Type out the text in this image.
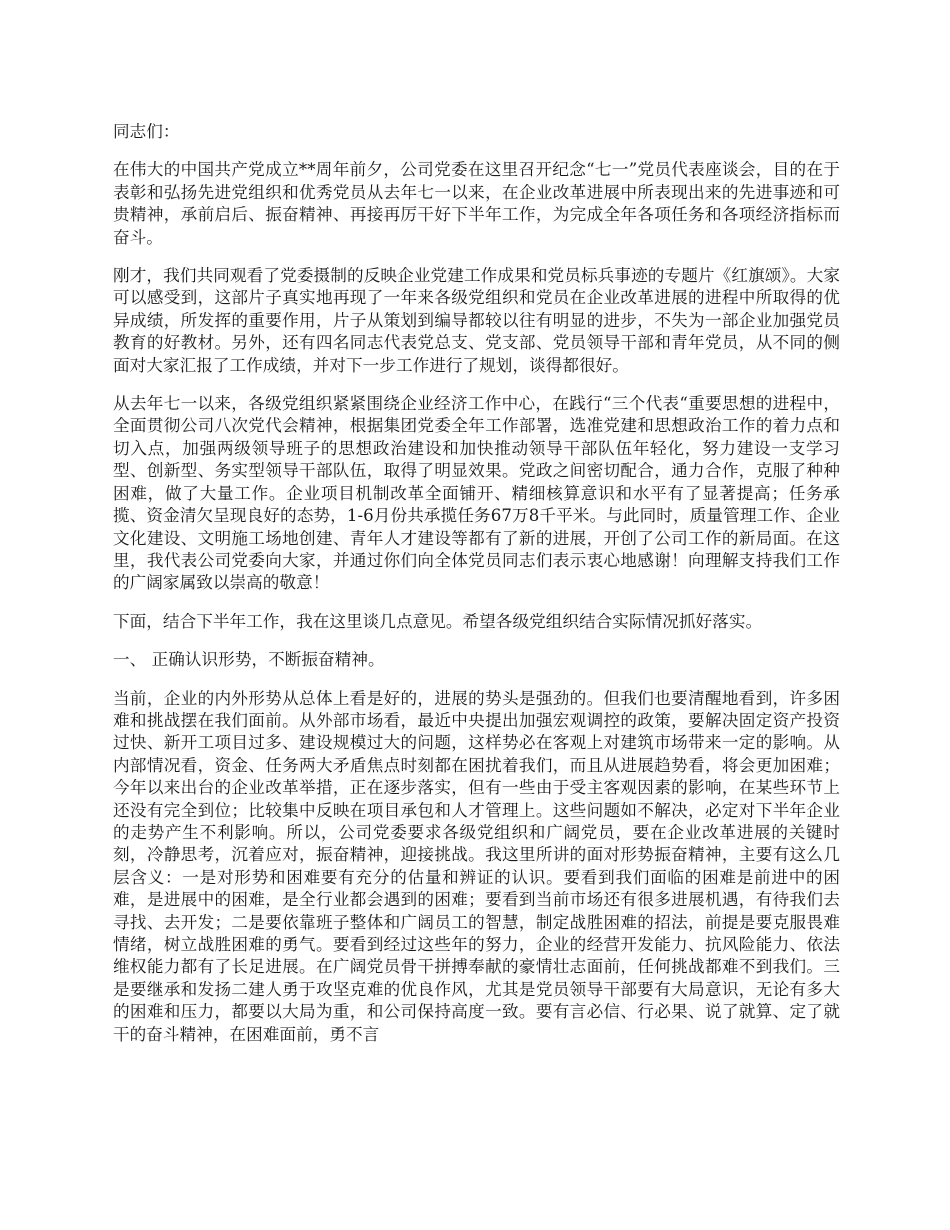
同志们：

在伟大的中国共产党成立**周年前夕，公司党委在这里召开纪念“七一”党员代表座谈会，目的在于表彰和弘扬先进党组织和优秀党员从去年七一以来，在企业改革进展中所表现出来的先进事迹和可贵精神，承前启后、振奋精神、再接再厉干好下半年工作，为完成全年各项任务和各项经济指标而奋斗。

刚才，我们共同观看了党委摄制的反映企业党建工作成果和党员标兵事迹的专题片《红旗颂》。大家可以感受到，这部片子真实地再现了一年来各级党组织和党员在企业改革进展的进程中所取得的优异成绩，所发挥的重要作用，片子从策划到编导都较以往有明显的进步，不失为一部企业加强党员教育的好教材。另外，还有四名同志代表党总支、党支部、党员领导干部和青年党员，从不同的侧面对大家汇报了工作成绩，并对下一步工作进行了规划，谈得都很好。

从去年七一以来，各级党组织紧紧围绕企业经济工作中心，在践行“三个代表“重要思想的进程中，全面贯彻公司八次党代会精神，根据集团党委全年工作部署，选准党建和思想政治工作的着力点和切入点，加强两级领导班子的思想政治建设和加快推动领导干部队伍年轻化，努力建设一支学习型、创新型、务实型领导干部队伍，取得了明显效果。党政之间密切配合，通力合作，克服了种种困难，做了大量工作。企业项目机制改革全面铺开、精细核算意识和水平有了显著提高；任务承揽、资金清欠呈现良好的态势，1-6月份共承揽任务67万8千平米。与此同时，质量管理工作、企业文化建设、文明施工场地创建、青年人才建设等都有了新的进展，开创了公司工作的新局面。在这里，我代表公司党委向大家，并通过你们向全体党员同志们表示衷心地感谢！向理解支持我们工作的广阔家属致以崇高的敬意！

下面，结合下半年工作，我在这里谈几点意见。希望各级党组织结合实际情况抓好落实。

一、 正确认识形势，不断振奋精神。

当前，企业的内外形势从总体上看是好的，进展的势头是强劲的。但我们也要清醒地看到，许多困难和挑战摆在我们面前。从外部市场看，最近中央提出加强宏观调控的政策，要解决固定资产投资过快、新开工项目过多、建设规模过大的问题，这样势必在客观上对建筑市场带来一定的影响。从内部情况看，资金、任务两大矛盾焦点时刻都在困扰着我们，而且从进展趋势看，将会更加困难；今年以来出台的企业改革举措，正在逐步落实，但有一些由于受主客观因素的影响，在某些环节上还没有完全到位；比较集中反映在项目承包和人才管理上。这些问题如不解决，必定对下半年企业的走势产生不利影响。所以，公司党委要求各级党组织和广阔党员，要在企业改革进展的关键时刻，冷静思考，沉着应对，振奋精神，迎接挑战。我这里所讲的面对形势振奋精神，主要有这么几层含义：一是对形势和困难要有充分的估量和辨证的认识。要看到我们面临的困难是前进中的困难，是进展中的困难，是全行业都会遇到的困难；要看到当前市场还有很多进展机遇，有待我们去寻找、去开发；二是要依靠班子整体和广阔员工的智慧，制定战胜困难的招法，前提是要克服畏难情绪，树立战胜困难的勇气。要看到经过这些年的努力，企业的经营开发能力、抗风险能力、依法维权能力都有了长足进展。在广阔党员骨干拼搏奉献的豪情壮志面前，任何挑战都难不到我们。三是要继承和发扬二建人勇于攻坚克难的优良作风，尤其是党员领导干部要有大局意识，无论有多大的困难和压力，都要以大局为重，和公司保持高度一致。要有言必信、行必果、说了就算、定了就干的奋斗精神，在困难面前，勇不言
